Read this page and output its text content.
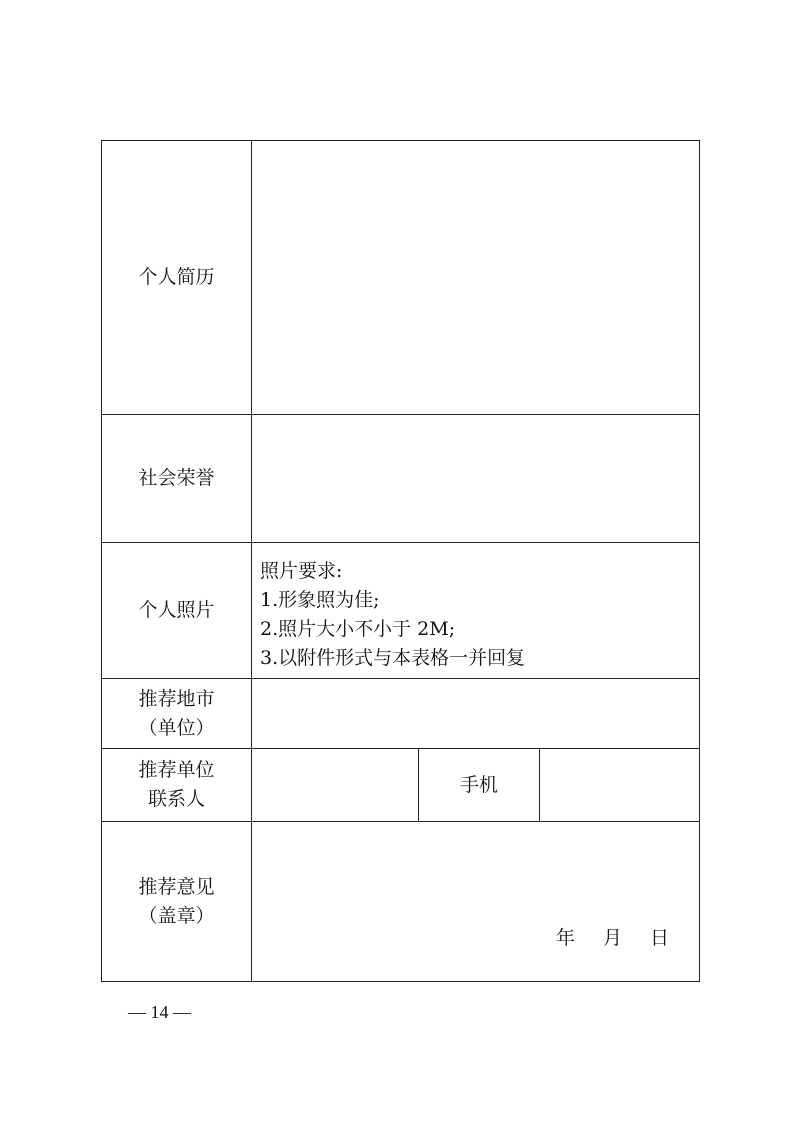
个人简历			
社会荣誉			
个人照片	照片要求:
1.形象照为佳;
2.照片大小不小于 2M;
3.以附件形式与本表格一并回复		

推荐地市
（单位）			

推荐单位
联系人		手机	

推荐意见
（盖章）	年 月 日		
— 14 —
